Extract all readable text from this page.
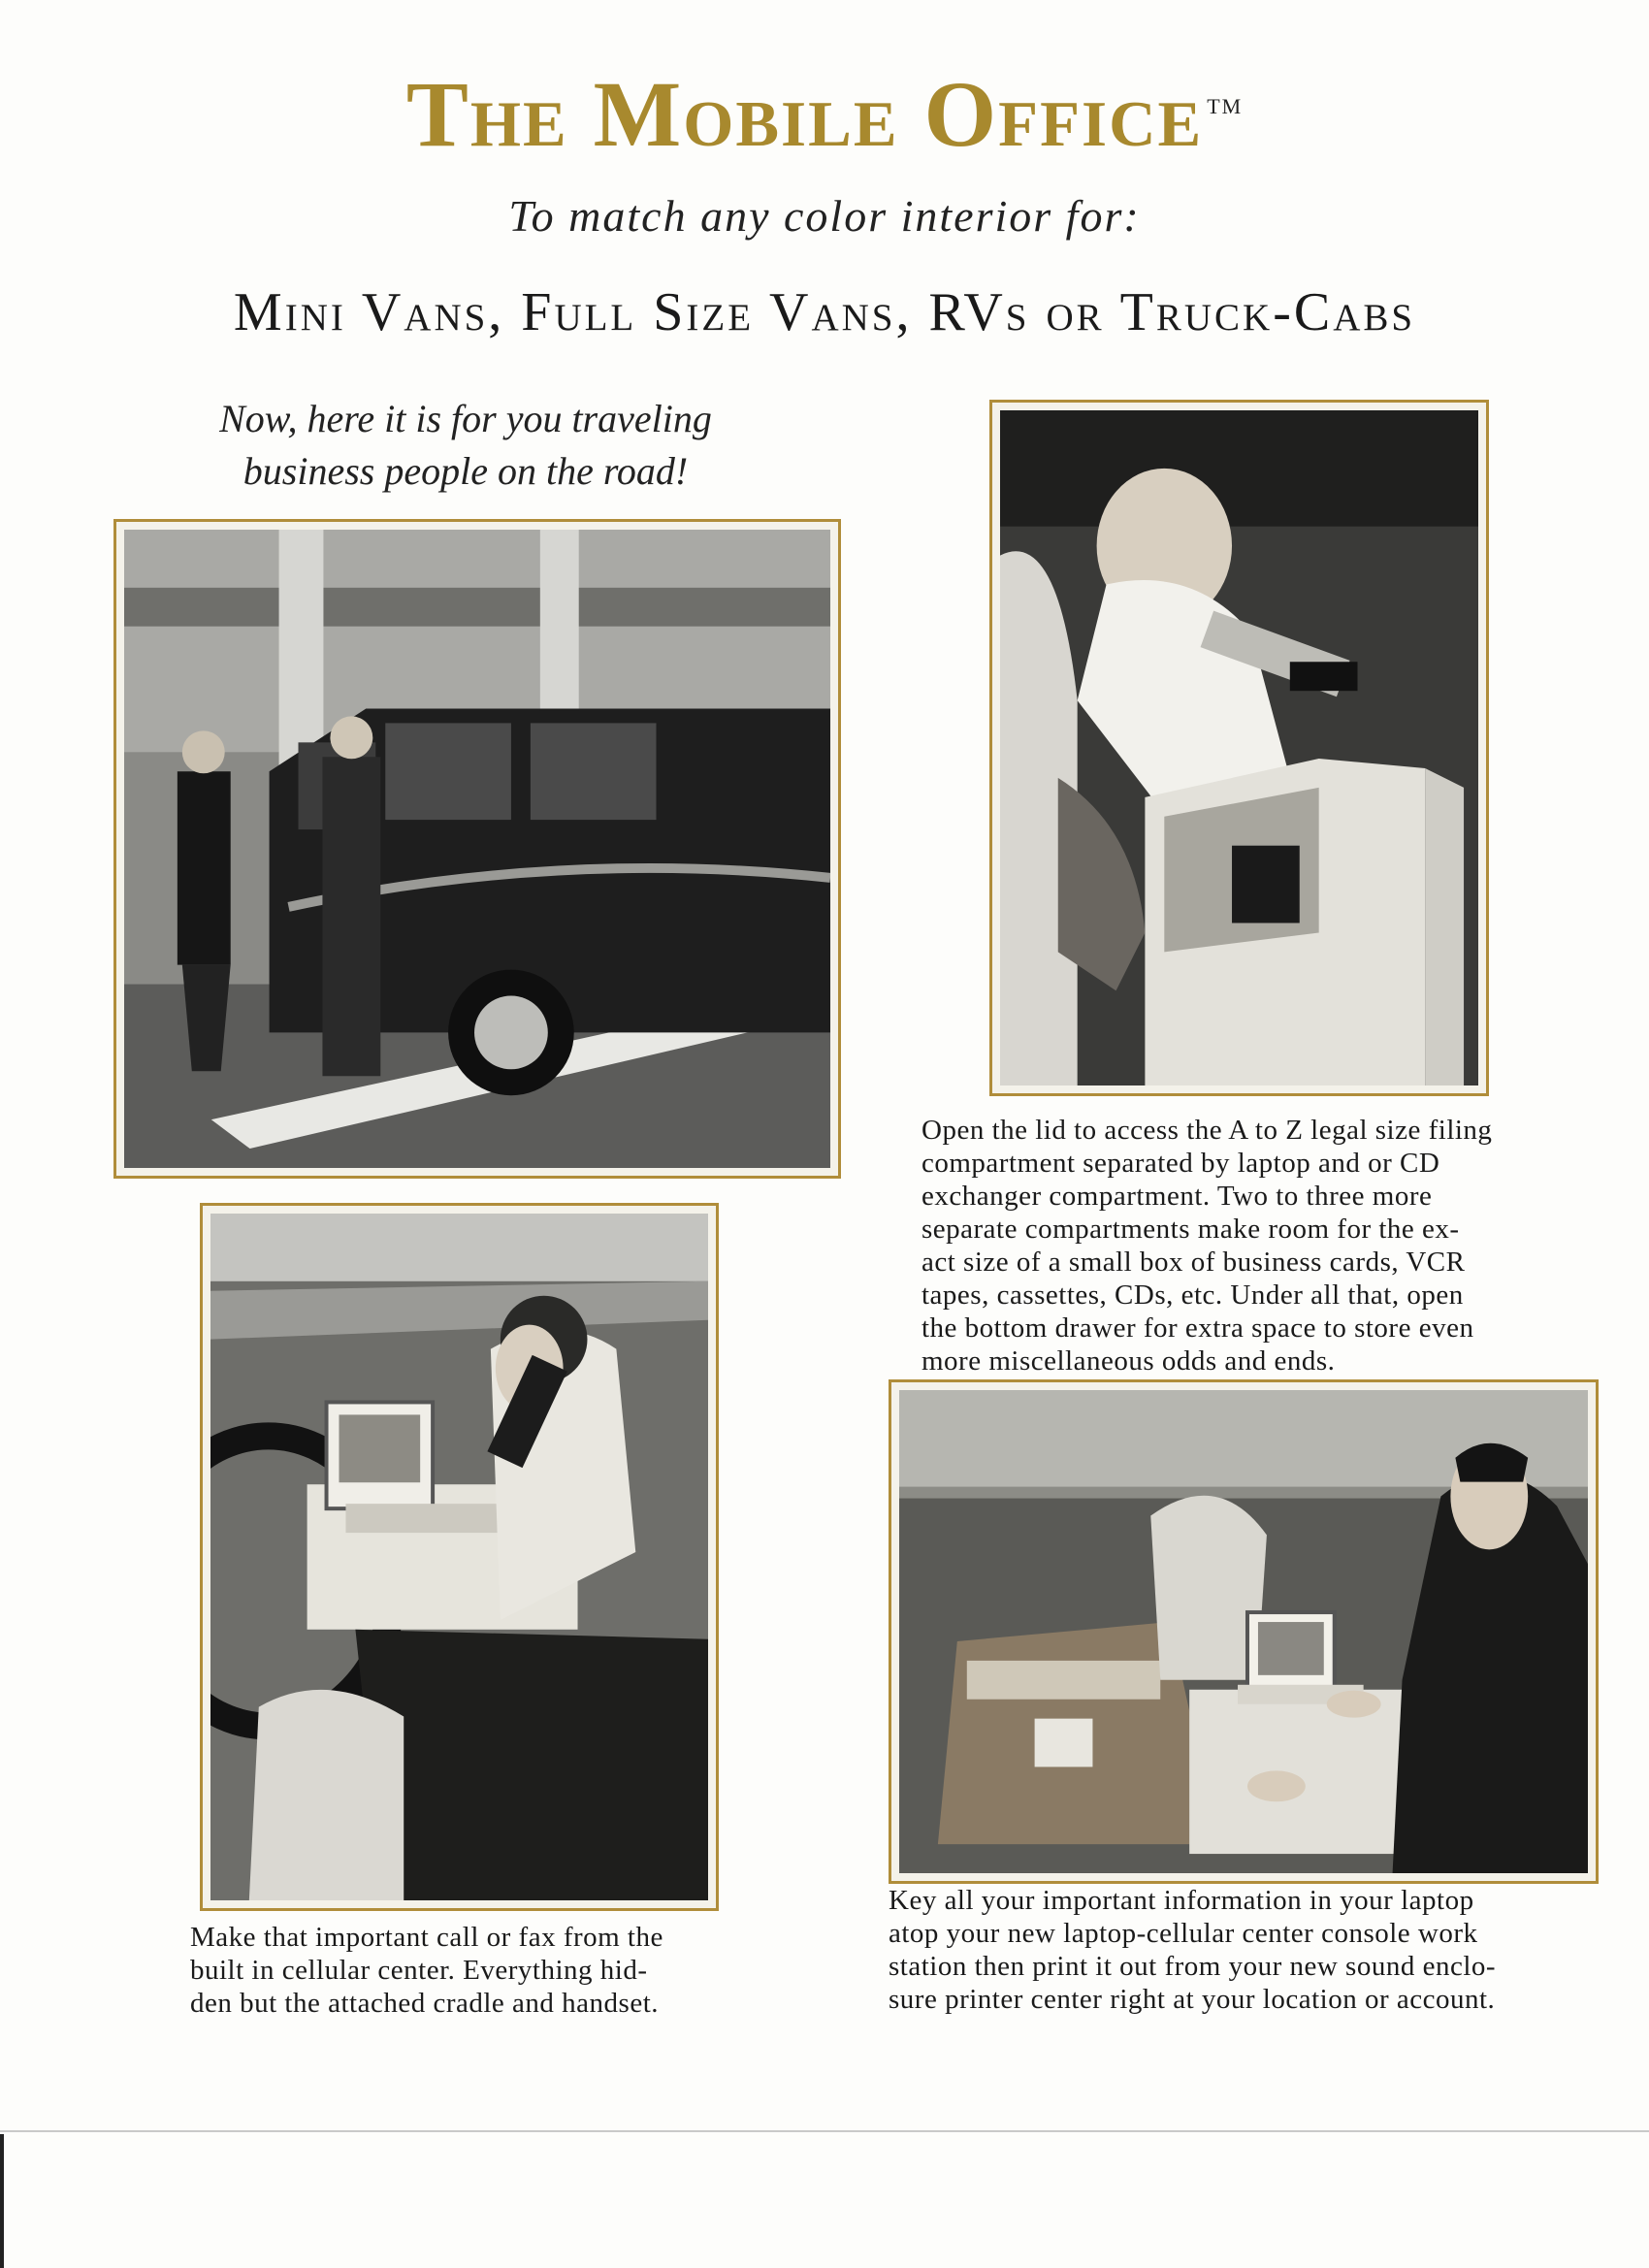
The Mobile Office ™
To match any color interior for:
Mini Vans, Full Size Vans, RVs or Truck-Cabs
Now, here it is for you traveling
business people on the road!
Open the lid to access the A to Z legal size filing
compartment separated by laptop and or CD
exchanger compartment. Two to three more
separate compartments make room for the ex-
act size of a small box of business cards, VCR
tapes, cassettes, CDs, etc. Under all that, open
the bottom drawer for extra space to store even
more miscellaneous odds and ends.
Make that important call or fax from the
built in cellular center. Everything hid-
den but the attached cradle and handset.
Key all your important information in your laptop
atop your new laptop-cellular center console work
station then print it out from your new sound enclo-
sure printer center right at your location or account.
